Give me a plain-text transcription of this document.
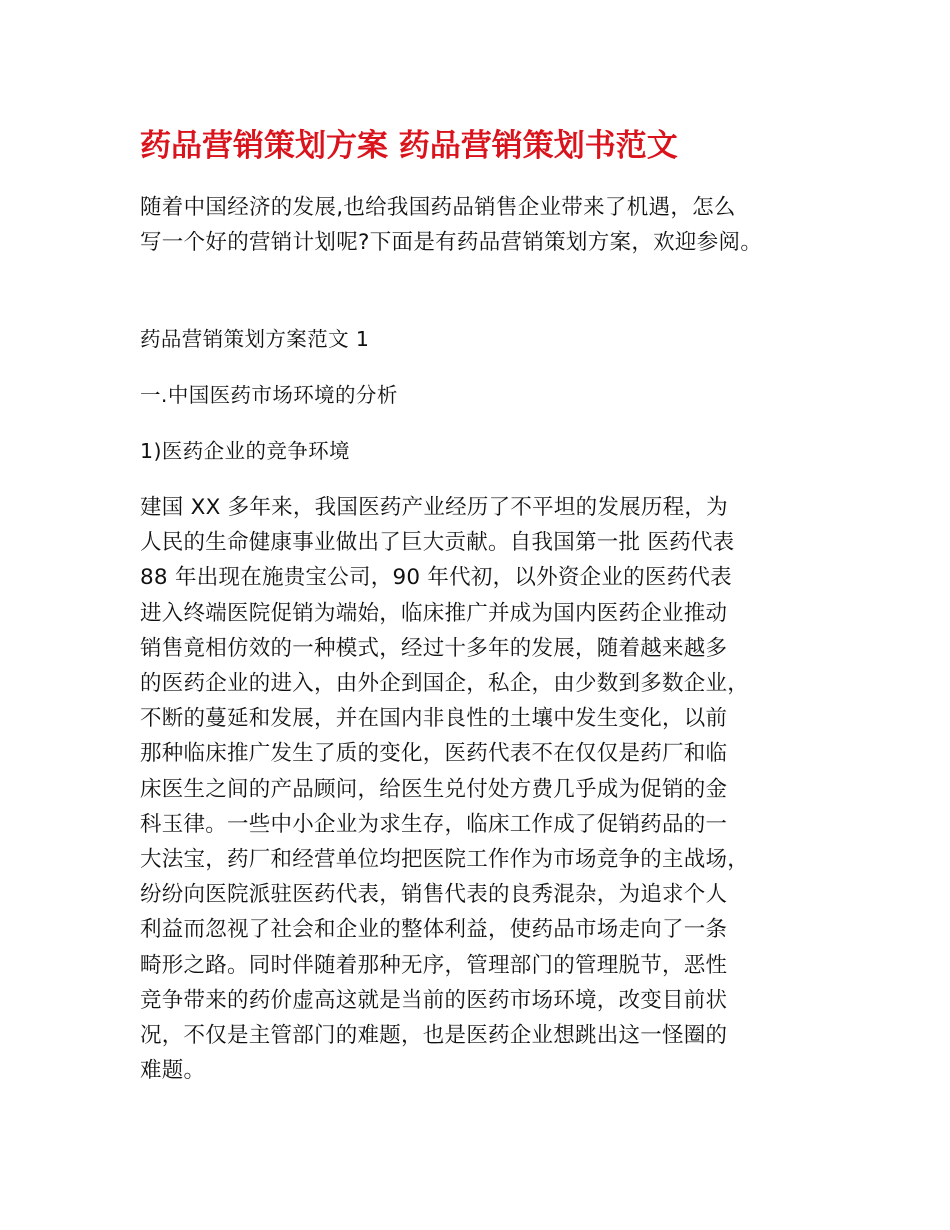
药品营销策划方案 药品营销策划书范文

随着中国经济的发展,也给我国药品销售企业带来了机遇，怎么
写一个好的营销计划呢?下面是有药品营销策划方案，欢迎参阅。

药品营销策划方案范文 1
一.中国医药市场环境的分析
1)医药企业的竞争环境

建国 XX 多年来，我国医药产业经历了不平坦的发展历程，为
人民的生命健康事业做出了巨大贡献。自我国第一批 医药代表
88 年出现在施贵宝公司，90 年代初，以外资企业的医药代表
进入终端医院促销为端始，临床推广并成为国内医药企业推动
销售竟相仿效的一种模式，经过十多年的发展，随着越来越多
的医药企业的进入，由外企到国企，私企，由少数到多数企业，
不断的蔓延和发展，并在国内非良性的土壤中发生变化，以前
那种临床推广发生了质的变化，医药代表不在仅仅是药厂和临
床医生之间的产品顾问，给医生兑付处方费几乎成为促销的金
科玉律。一些中小企业为求生存，临床工作成了促销药品的一
大法宝，药厂和经营单位均把医院工作作为市场竞争的主战场，
纷纷向医院派驻医药代表，销售代表的良秀混杂，为追求个人
利益而忽视了社会和企业的整体利益，使药品市场走向了一条
畸形之路。同时伴随着那种无序，管理部门的管理脱节，恶性
竞争带来的药价虚高这就是当前的医药市场环境，改变目前状
况，不仅是主管部门的难题，也是医药企业想跳出这一怪圈的
难题。
